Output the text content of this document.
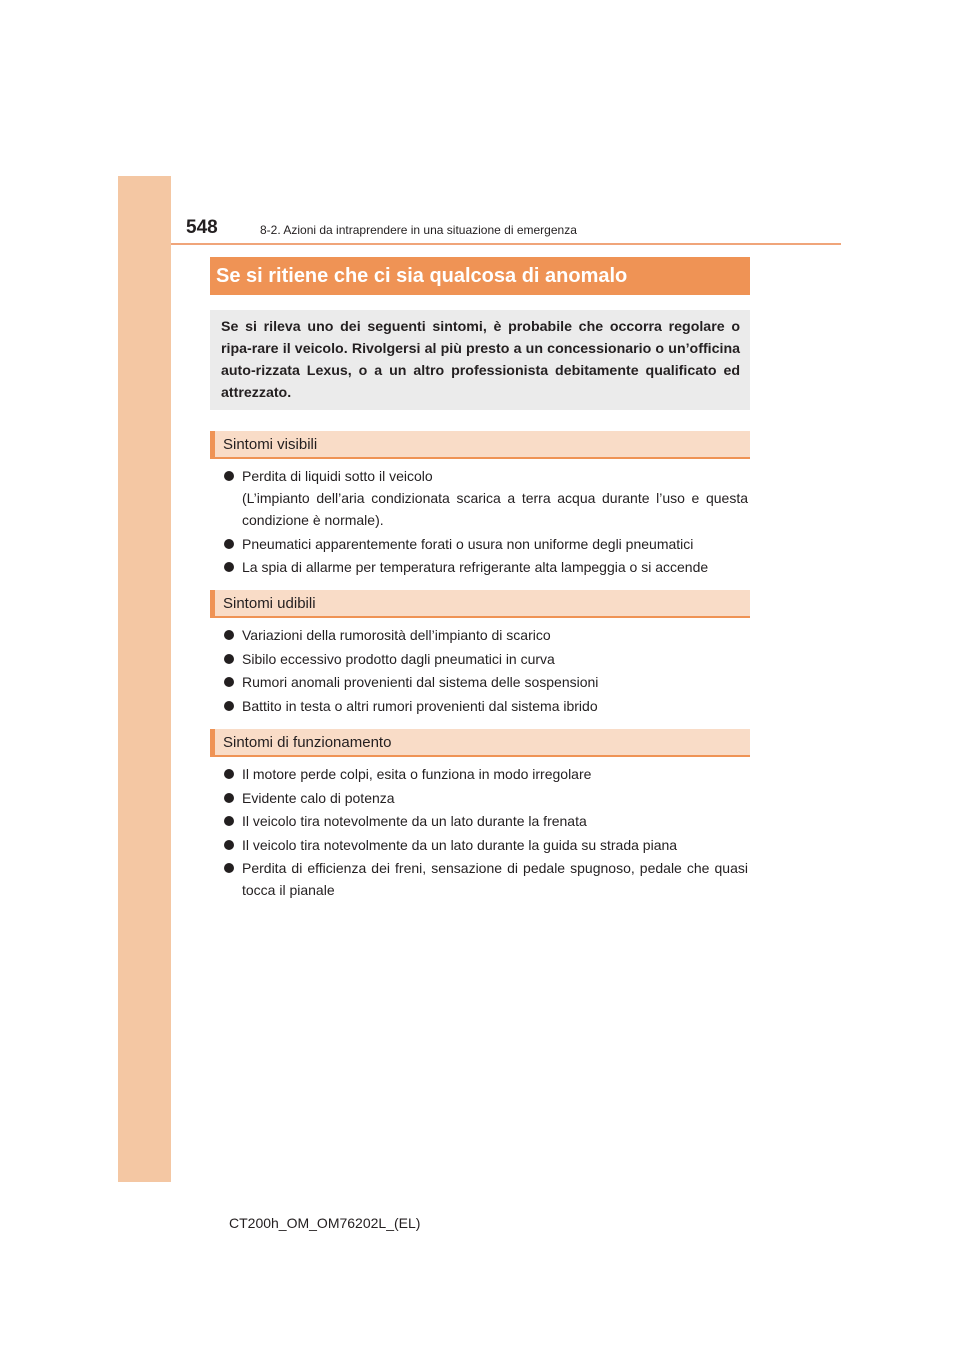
548	8-2. Azioni da intraprendere in una situazione di emergenza
Se si ritiene che ci sia qualcosa di anomalo
Se si rileva uno dei seguenti sintomi, è probabile che occorra regolare o ripa-rare il veicolo. Rivolgersi al più presto a un concessionario o un’officina auto-rizzata Lexus, o a un altro professionista debitamente qualificato ed attrezzato.
Sintomi visibili
Perdita di liquidi sotto il veicolo
(L’impianto dell’aria condizionata scarica a terra acqua durante l’uso e questa condizione è normale).
Pneumatici apparentemente forati o usura non uniforme degli pneumatici
La spia di allarme per temperatura refrigerante alta lampeggia o si accende
Sintomi udibili
Variazioni della rumorosità dell’impianto di scarico
Sibilo eccessivo prodotto dagli pneumatici in curva
Rumori anomali provenienti dal sistema delle sospensioni
Battito in testa o altri rumori provenienti dal sistema ibrido
Sintomi di funzionamento
Il motore perde colpi, esita o funziona in modo irregolare
Evidente calo di potenza
Il veicolo tira notevolmente da un lato durante la frenata
Il veicolo tira notevolmente da un lato durante la guida su strada piana
Perdita di efficienza dei freni, sensazione di pedale spugnoso, pedale che quasi tocca il pianale
CT200h_OM_OM76202L_(EL)
